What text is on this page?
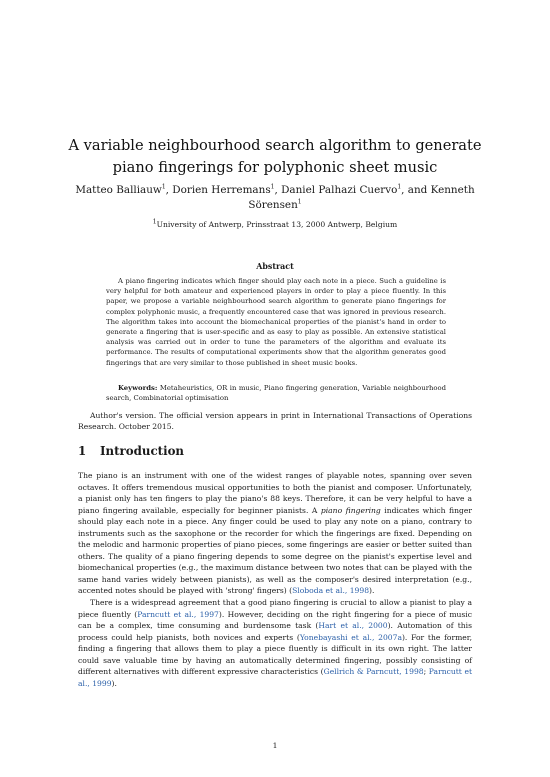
A variable neighbourhood search algorithm to generate piano fingerings for polyphonic sheet music
Matteo Balliauw$^1$, Dorien Herremans$^1$, Daniel Palhazi Cuervo$^1$, and Kenneth
Sörensen$^1$
$^1$University of Antwerp, Prinsstraat 13, 2000 Antwerp, Belgium
Abstract

A piano fingering indicates which finger should play each note in a piece. Such a guideline is very helpful for both amateur and experienced players in order to play a piece fluently. In this paper, we propose a variable neighbourhood search algorithm to generate piano fingerings for complex polyphonic music, a frequently encountered case that was ignored in previous research. The algorithm takes into account the biomechanical properties of the pianist's hand in order to generate a fingering that is user-specific and as easy to play as possible. An extensive statistical analysis was carried out in order to tune the parameters of the algorithm and evaluate its performance. The results of computational experiments show that the algorithm generates good fingerings that are very similar to those published in sheet music books.

Keywords: Metaheuristics, OR in music, Piano fingering generation, Variable neighbourhood search, Combinatorial optimisation

Author's version. The official version appears in print in International Transactions of Operations Research. October 2015.

1 Introduction

The piano is an instrument with one of the widest ranges of playable notes, spanning over seven octaves. It offers tremendous musical opportunities to both the pianist and composer. Unfortunately, a pianist only has ten fingers to play the piano's 88 keys. Therefore, it can be very helpful to have a piano fingering available, especially for beginner pianists. A piano fingering indicates which finger should play each note in a piece. Any finger could be used to play any note on a piano, contrary to instruments such as the saxophone or the recorder for which the fingerings are fixed. Depending on the melodic and harmonic properties of piano pieces, some fingerings are easier or better suited than others. The quality of a piano fingering depends to some degree on the pianist's expertise level and biomechanical properties (e.g., the maximum distance between two notes that can be played with the same hand varies widely between pianists), as well as the composer's desired interpretation (e.g., accented notes should be played with 'strong' fingers) (Sloboda et al., 1998).

There is a widespread agreement that a good piano fingering is crucial to allow a pianist to play a piece fluently (Parncutt et al., 1997). However, deciding on the right fingering for a piece of music can be a complex, time consuming and burdensome task (Hart et al., 2000). Automation of this process could help pianists, both novices and experts (Yonebayashi et al., 2007a). For the former, finding a fingering that allows them to play a piece fluently is difficult in its own right. The latter could save valuable time by having an automatically determined fingering, possibly consisting of different alternatives with different expressive characteristics (Gellrich & Parncutt, 1998; Parncutt et al., 1999).

1
